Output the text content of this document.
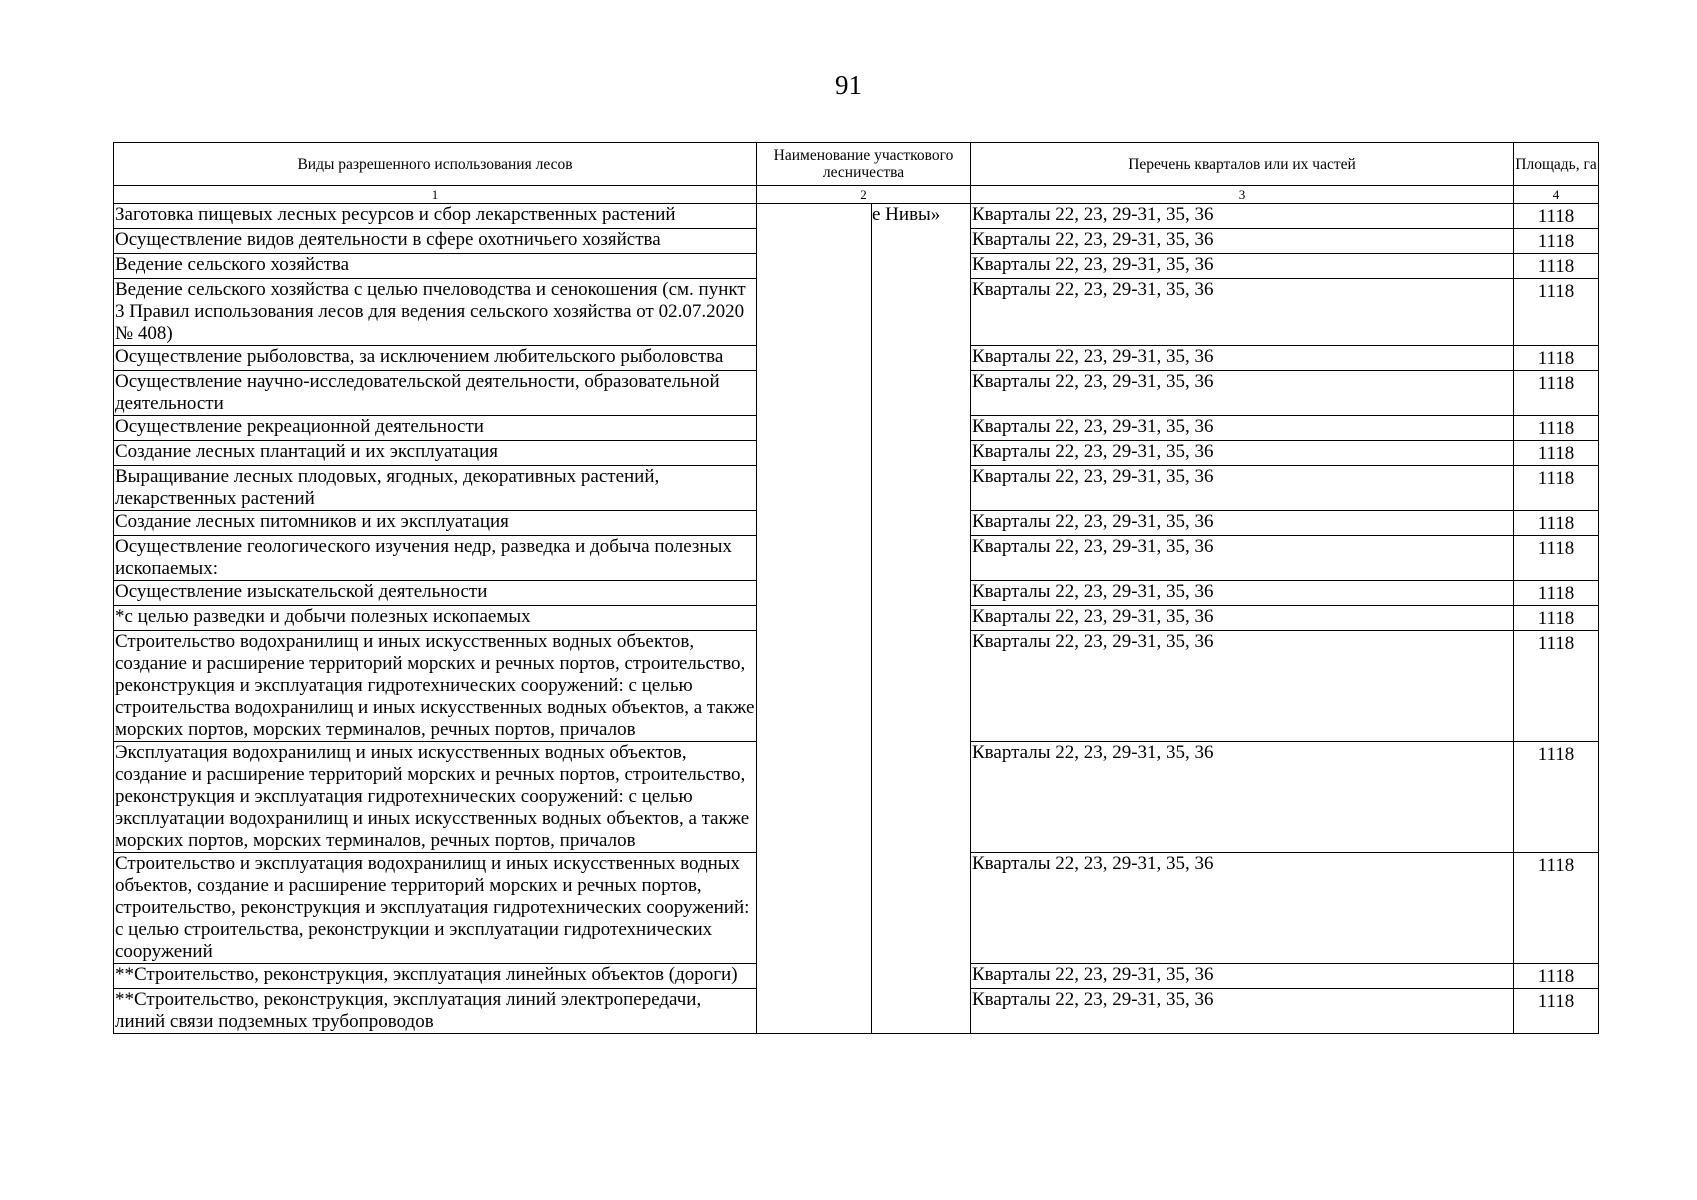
91
Виды разрешенного использования лесов	Наименование участкового лесничества	Перечень кварталов или их частей	Площадь, га
1	2	3	4
Заготовка пищевых лесных ресурсов и сбор лекарственных растений	е Нивы»	Кварталы 22, 23, 29-31, 35, 36	1118
Осуществление видов деятельности в сфере охотничьего хозяйства		Кварталы 22, 23, 29-31, 35, 36	1118
Ведение сельского хозяйства		Кварталы 22, 23, 29-31, 35, 36	1118
Ведение сельского хозяйства с целью пчеловодства и сенокошения (см. пункт 3 Правил использования лесов для ведения сельского хозяйства от 02.07.2020 № 408)		Кварталы 22, 23, 29-31, 35, 36	1118
Осуществление рыболовства, за исключением любительского рыболовства		Кварталы 22, 23, 29-31, 35, 36	1118
Осуществление научно-исследовательской деятельности, образовательной деятельности		Кварталы 22, 23, 29-31, 35, 36	1118
Осуществление рекреационной деятельности		Кварталы 22, 23, 29-31, 35, 36	1118
Создание лесных плантаций и их эксплуатация		Кварталы 22, 23, 29-31, 35, 36	1118
Выращивание лесных плодовых, ягодных, декоративных растений, лекарственных растений		Кварталы 22, 23, 29-31, 35, 36	1118
Создание лесных питомников и их эксплуатация		Кварталы 22, 23, 29-31, 35, 36	1118
Осуществление геологического изучения недр, разведка и добыча полезных ископаемых:		Кварталы 22, 23, 29-31, 35, 36	1118
Осуществление изыскательской деятельности		Кварталы 22, 23, 29-31, 35, 36	1118
*с целью разведки и добычи полезных ископаемых		Кварталы 22, 23, 29-31, 35, 36	1118
Строительство водохранилищ и иных искусственных водных объектов, создание и расширение территорий морских и речных портов, строительство, реконструкция и эксплуатация гидротехнических сооружений: с целью строительства водохранилищ и иных искусственных водных объектов, а также морских портов, морских терминалов, речных портов, причалов		Кварталы 22, 23, 29-31, 35, 36	1118
Эксплуатация водохранилищ и иных искусственных водных объектов, создание и расширение территорий морских и речных портов, строительство, реконструкция и эксплуатация гидротехнических сооружений: с целью эксплуатации водохранилищ и иных искусственных водных объектов, а также морских портов, морских терминалов, речных портов, причалов		Кварталы 22, 23, 29-31, 35, 36	1118
Строительство и эксплуатация водохранилищ и иных искусственных водных объектов, создание и расширение территорий морских и речных портов, строительство, реконструкция и эксплуатация гидротехнических сооружений: с целью строительства, реконструкции и эксплуатации гидротехнических сооружений		Кварталы 22, 23, 29-31, 35, 36	1118
**Строительство, реконструкция, эксплуатация линейных объектов (дороги)		Кварталы 22, 23, 29-31, 35, 36	1118
**Строительство, реконструкция, эксплуатация линий электропередачи, линий связи подземных трубопроводов		Кварталы 22, 23, 29-31, 35, 36	1118
